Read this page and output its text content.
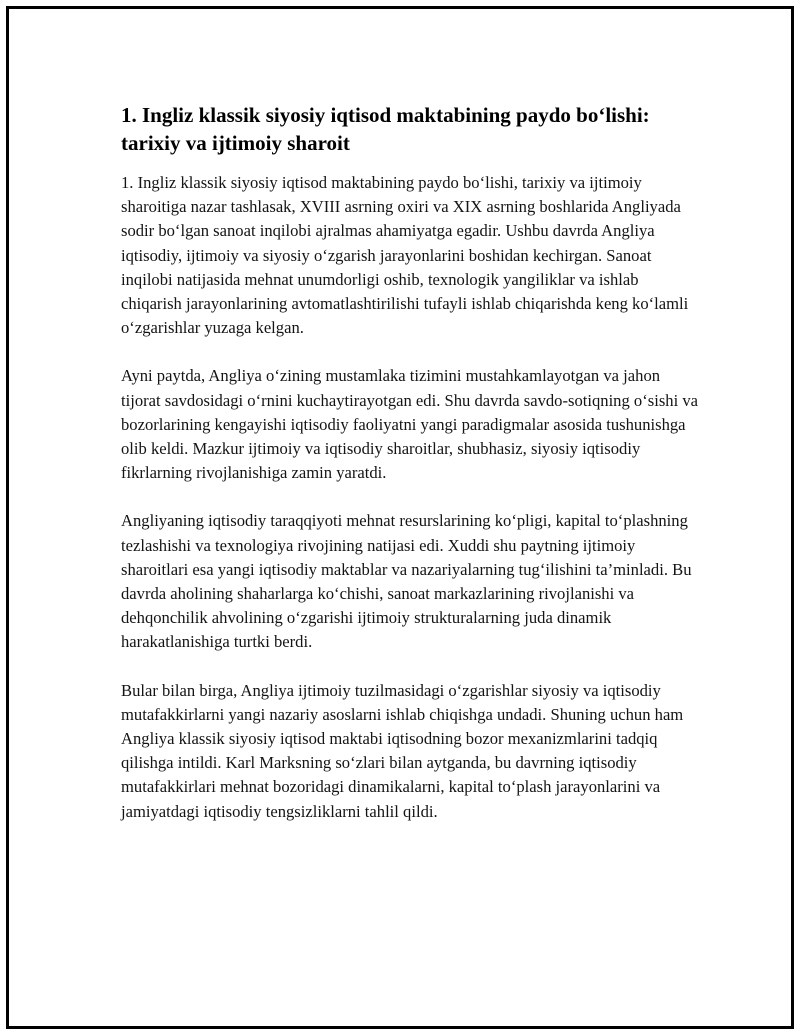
1. Ingliz klassik siyosiy iqtisod maktabining paydo bo‘lishi: tarixiy va ijtimoiy sharoit

1. Ingliz klassik siyosiy iqtisod maktabining paydo bo‘lishi, tarixiy va ijtimoiy sharoitiga nazar tashlasak, XVIII asrning oxiri va XIX asrning boshlarida Angliyada sodir bo‘lgan sanoat inqilobi ajralmas ahamiyatga egadir. Ushbu davrda Angliya iqtisodiy, ijtimoiy va siyosiy o‘zgarish jarayonlarini boshidan kechirgan. Sanoat inqilobi natijasida mehnat unumdorligi oshib, texnologik yangiliklar va ishlab chiqarish jarayonlarining avtomatlashtirilishi tufayli ishlab chiqarishda keng ko‘lamli o‘zgarishlar yuzaga kelgan.

Ayni paytda, Angliya o‘zining mustamlaka tizimini mustahkamlayotgan va jahon tijorat savdosidagi o‘rnini kuchaytirayotgan edi. Shu davrda savdo-sotiqning o‘sishi va bozorlarining kengayishi iqtisodiy faoliyatni yangi paradigmalar asosida tushunishga olib keldi. Mazkur ijtimoiy va iqtisodiy sharoitlar, shubhasiz, siyosiy iqtisodiy fikrlarning rivojlanishiga zamin yaratdi.

Angliyaning iqtisodiy taraqqiyoti mehnat resurslarining ko‘pligi, kapital to‘plashning tezlashishi va texnologiya rivojining natijasi edi. Xuddi shu paytning ijtimoiy sharoitlari esa yangi iqtisodiy maktablar va nazariyalarning tug‘ilishini ta’minladi. Bu davrda aholining shaharlarga ko‘chishi, sanoat markazlarining rivojlanishi va dehqonchilik ahvolining o‘zgarishi ijtimoiy strukturalarning juda dinamik harakatlanishiga turtki berdi.

Bular bilan birga, Angliya ijtimoiy tuzilmasidagi o‘zgarishlar siyosiy va iqtisodiy mutafakkirlarni yangi nazariy asoslarni ishlab chiqishga undadi. Shuning uchun ham Angliya klassik siyosiy iqtisod maktabi iqtisodning bozor mexanizmlarini tadqiq qilishga intildi. Karl Marksning so‘zlari bilan aytganda, bu davrning iqtisodiy mutafakkirlari mehnat bozoridagi dinamikalarni, kapital to‘plash jarayonlarini va jamiyatdagi iqtisodiy tengsizliklarni tahlil qildi.
